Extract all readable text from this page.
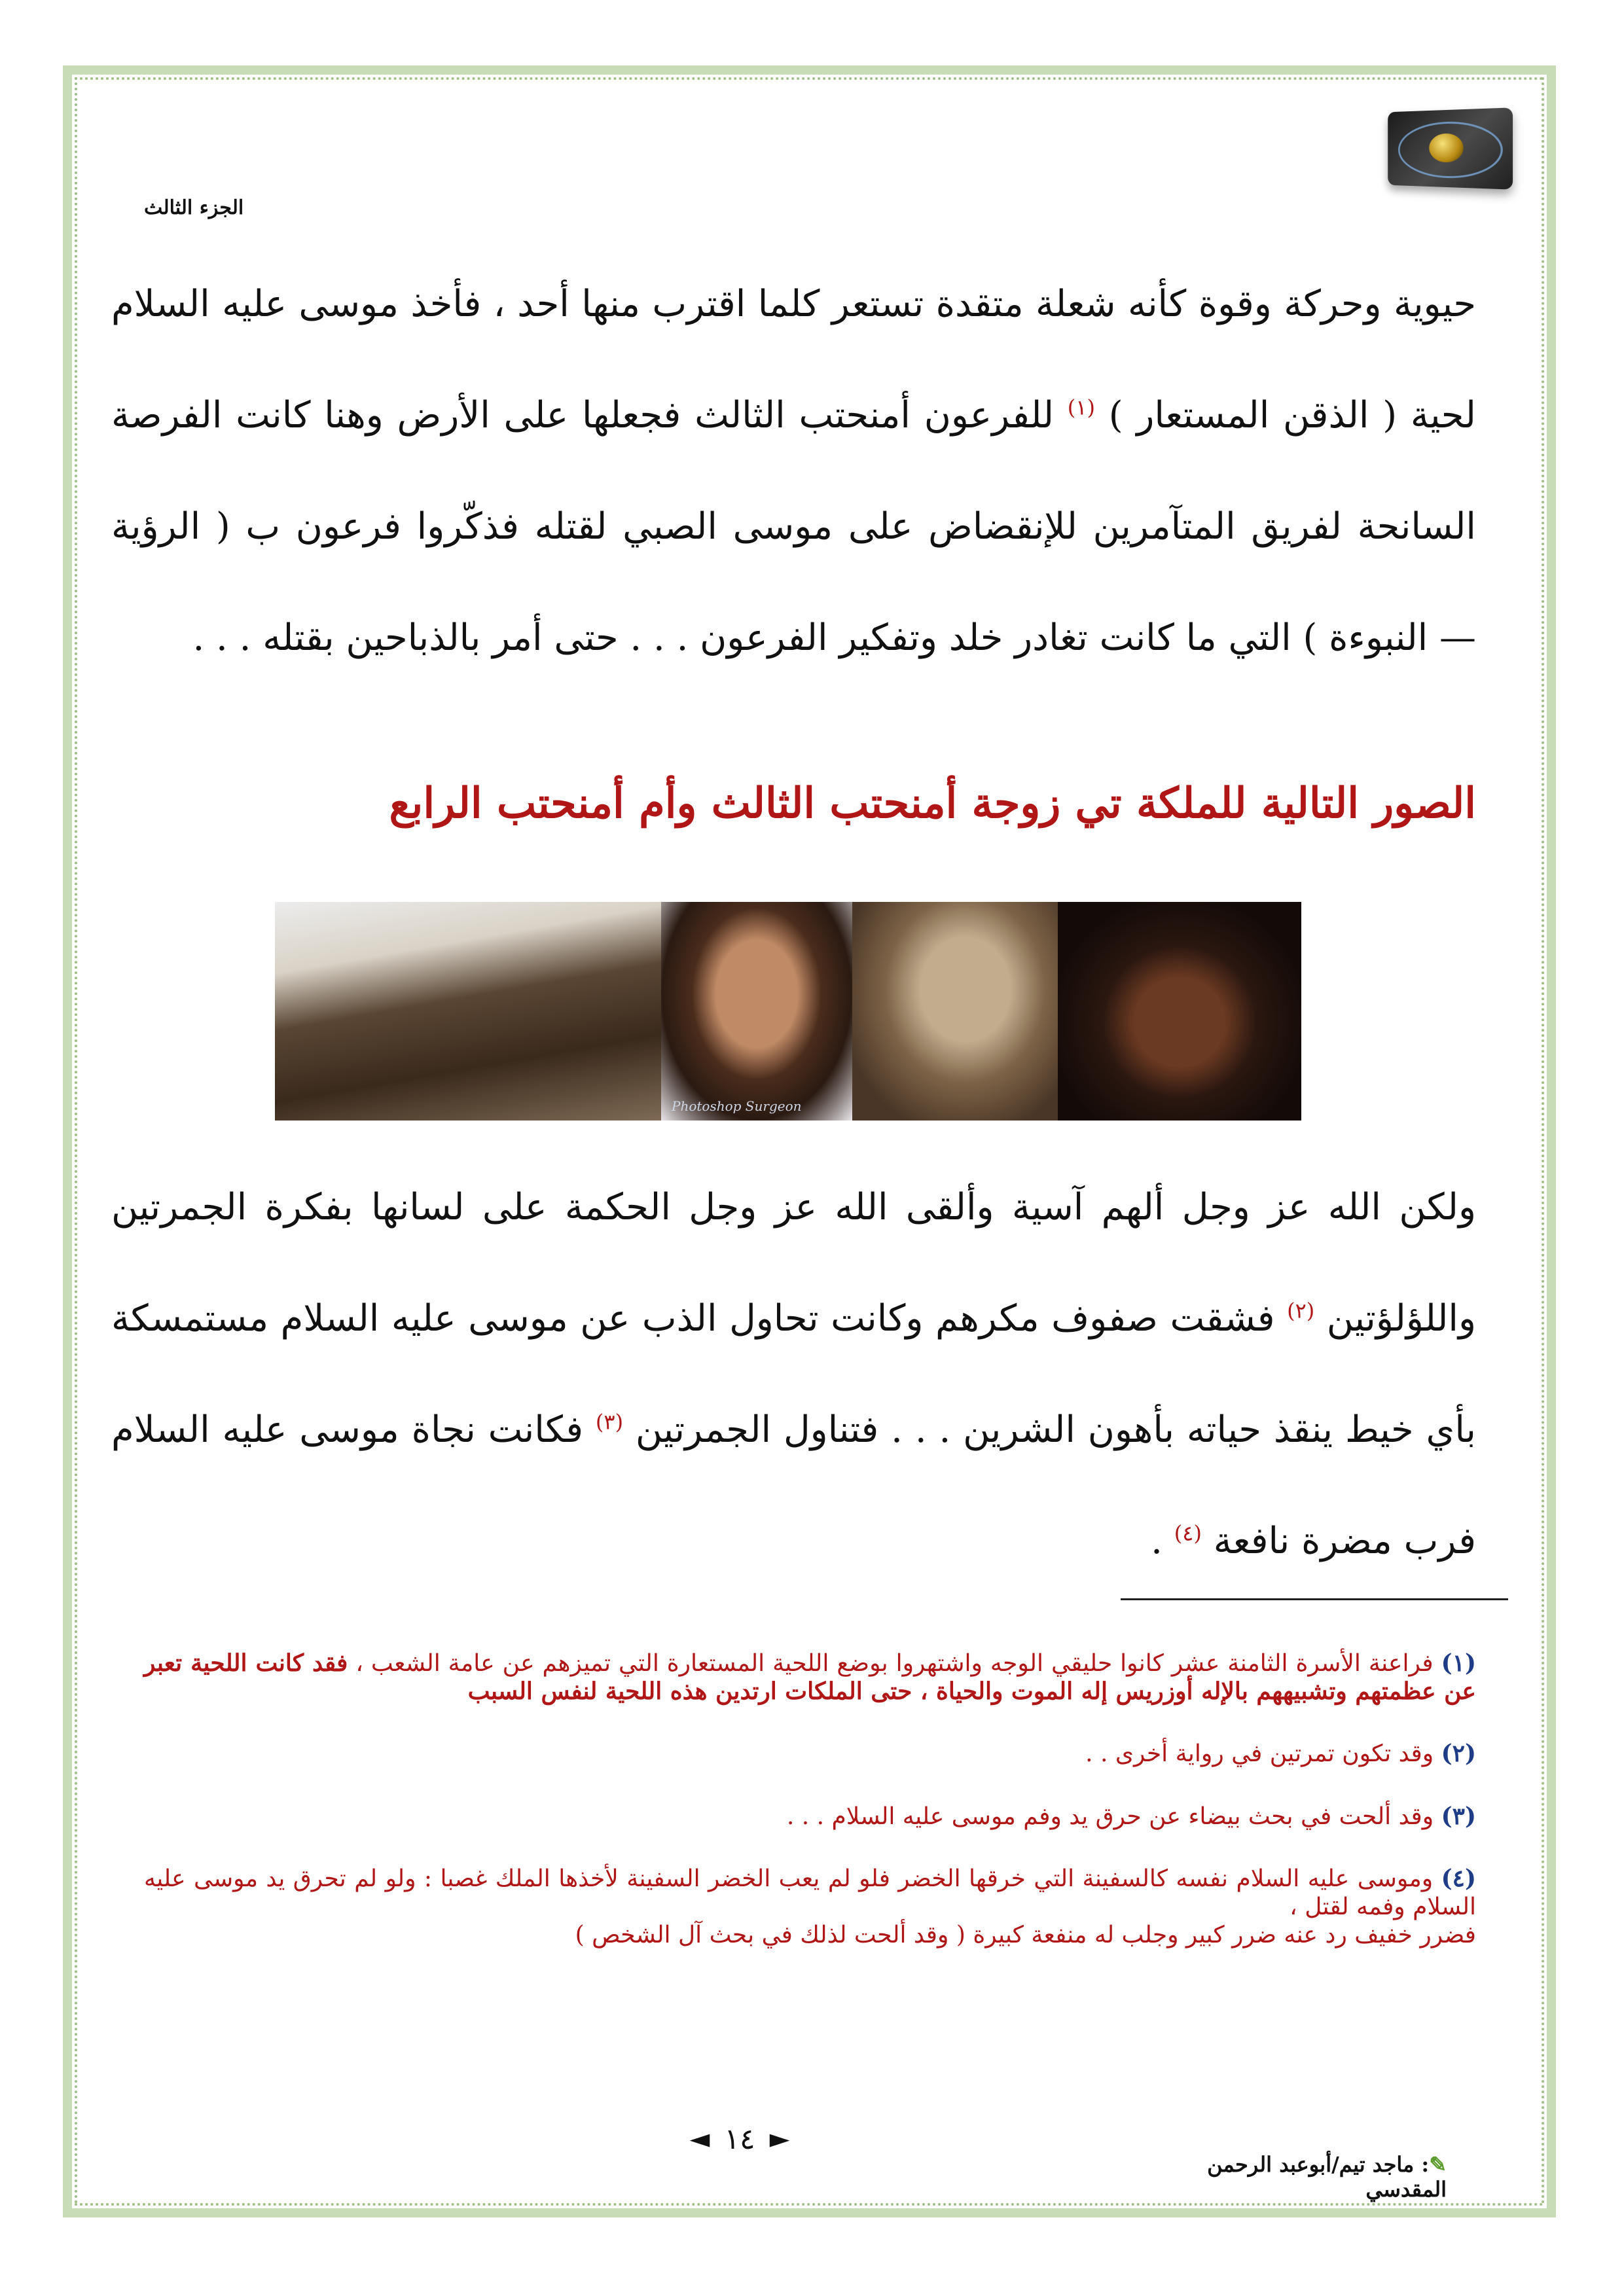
الجزء الثالث
حيوية وحركة وقوة كأنه شعلة متقدة تستعر كلما اقترب منها أحد ، فأخذ موسى عليه السلام لحية ( الذقن المستعار ) $^{(١)}$ للفرعون أمنحتب الثالث فجعلها على الأرض وهنا كانت الفرصة السانحة لفريق المتآمرين للإنقضاض على موسى الصبي لقتله فذكّروا فرعون ب ( الرؤية — النبوءة ) التي ما كانت تغادر خلد وتفكير الفرعون . . . حتى أمر بالذباحين بقتله . . .
الصور التالية للملكة تي زوجة أمنحتب الثالث وأم أمنحتب الرابع
Photoshop Surgeon
ولكن الله عز وجل ألهم آسية وألقى الله عز وجل الحكمة على لسانها بفكرة الجمرتين واللؤلؤتين $^{(٢)}$ فشقت صفوف مكرهم وكانت تحاول الذب عن موسى عليه السلام مستمسكة بأي خيط ينقذ حياته بأهون الشرين . . . فتناول الجمرتين $^{(٣)}$ فكانت نجاة موسى عليه السلام فرب مضرة نافعة $^{(٤)}$ .

(١) فراعنة الأسرة الثامنة عشر كانوا حليقي الوجه واشتهروا بوضع اللحية المستعارة التي تميزهم عن عامة الشعب ، فقد كانت اللحية تعبر عن عظمتهم وتشبيههم بالإله أوزريس إله الموت والحياة ، حتى الملكات ارتدين هذه اللحية لنفس السبب

(٢) وقد تكون تمرتين في رواية أخرى . .

(٣) وقد ألحت في بحث بيضاء عن حرق يد وفم موسى عليه السلام . . .

(٤) وموسى عليه السلام نفسه كالسفينة التي خرقها الخضر فلو لم يعب الخضر السفينة لأخذها الملك غصبا : ولو لم تحرق يد موسى عليه السلام وفمه لقتل ،
فضرر خفيف رد عنه ضرر كبير وجلب له منفعة كبيرة ( وقد ألحت لذلك في بحث آل الشخص )

◄ ١٤ ►
✎: ماجد تيم/أبوعبد الرحمن المقدسي
